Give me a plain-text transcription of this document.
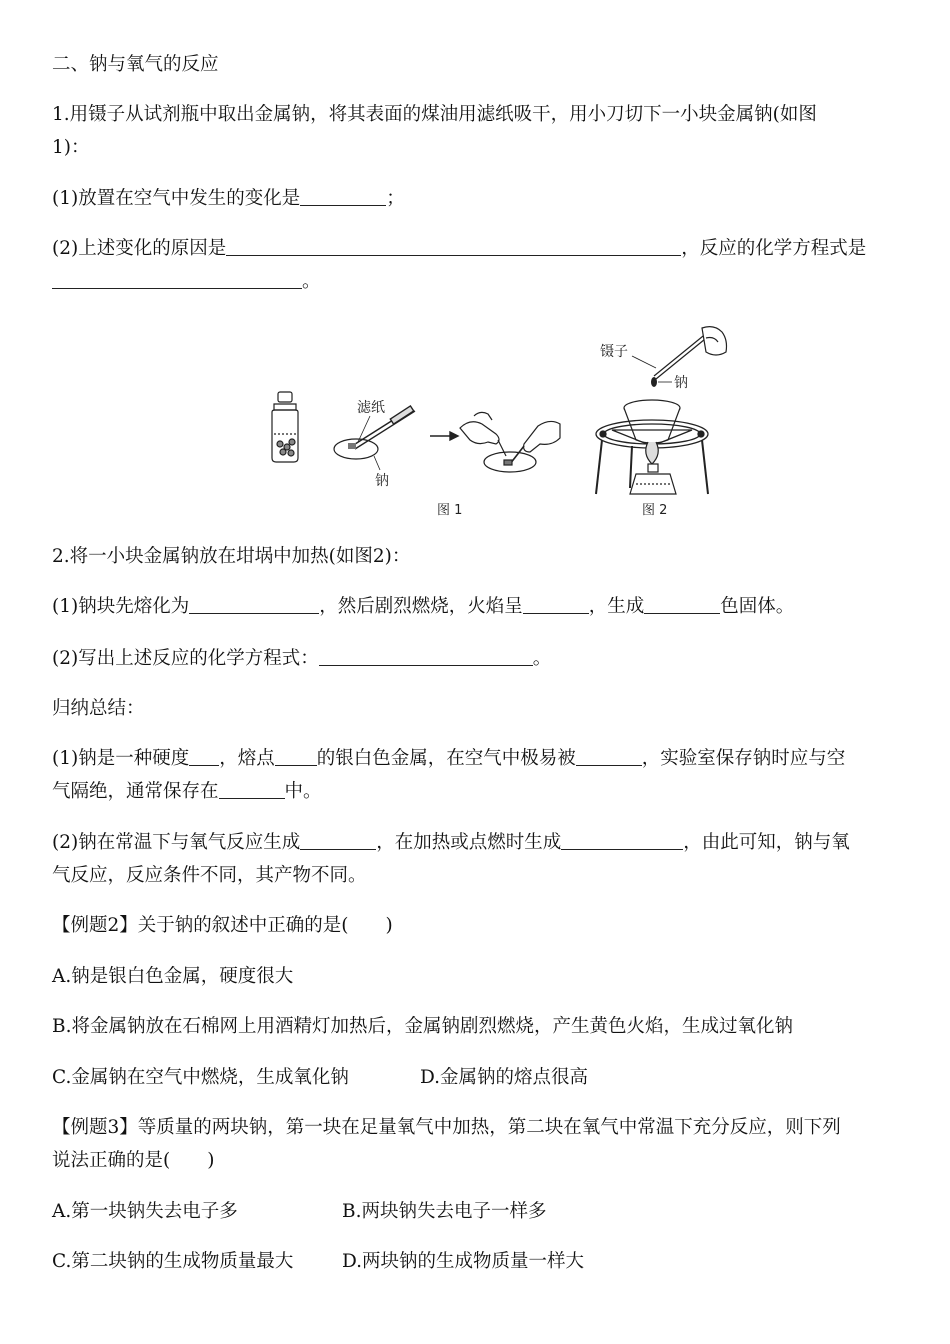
二、钠与氧气的反应
1.用镊子从试剂瓶中取出金属钠，将其表面的煤油用滤纸吸干，用小刀切下一小块金属钠(如图
1)：
(1)放置在空气中发生的变化是	；
(2)上述变化的原因是	，反应的化学方程式是
。
滤纸
钠
图 1
镊子
钠
图 2
2.将一小块金属钠放在坩埚中加热(如图2)：
(1)钠块先熔化为	，然后剧烈燃烧，火焰呈	，生成	色固体。
(2)写出上述反应的化学方程式：	。
归纳总结：
(1)钠是一种硬度 ，熔点 的银白色金属，在空气中极易被	，实验室保存钠时应与空
气隔绝，通常保存在	中。
(2)钠在常温下与氧气反应生成	，在加热或点燃时生成	，由此可知，钠与氧
气反应，反应条件不同，其产物不同。
【例题2】关于钠的叙述中正确的是(　　)
A.钠是银白色金属，硬度很大
B.将金属钠放在石棉网上用酒精灯加热后，金属钠剧烈燃烧，产生黄色火焰，生成过氧化钠
C.金属钠在空气中燃烧，生成氧化钠	D.金属钠的熔点很高
【例题3】等质量的两块钠，第一块在足量氧气中加热，第二块在氧气中常温下充分反应，则下列
说法正确的是(　　)
A.第一块钠失去电子多	B.两块钠失去电子一样多
C.第二块钠的生成物质量最大	D.两块钠的生成物质量一样大
